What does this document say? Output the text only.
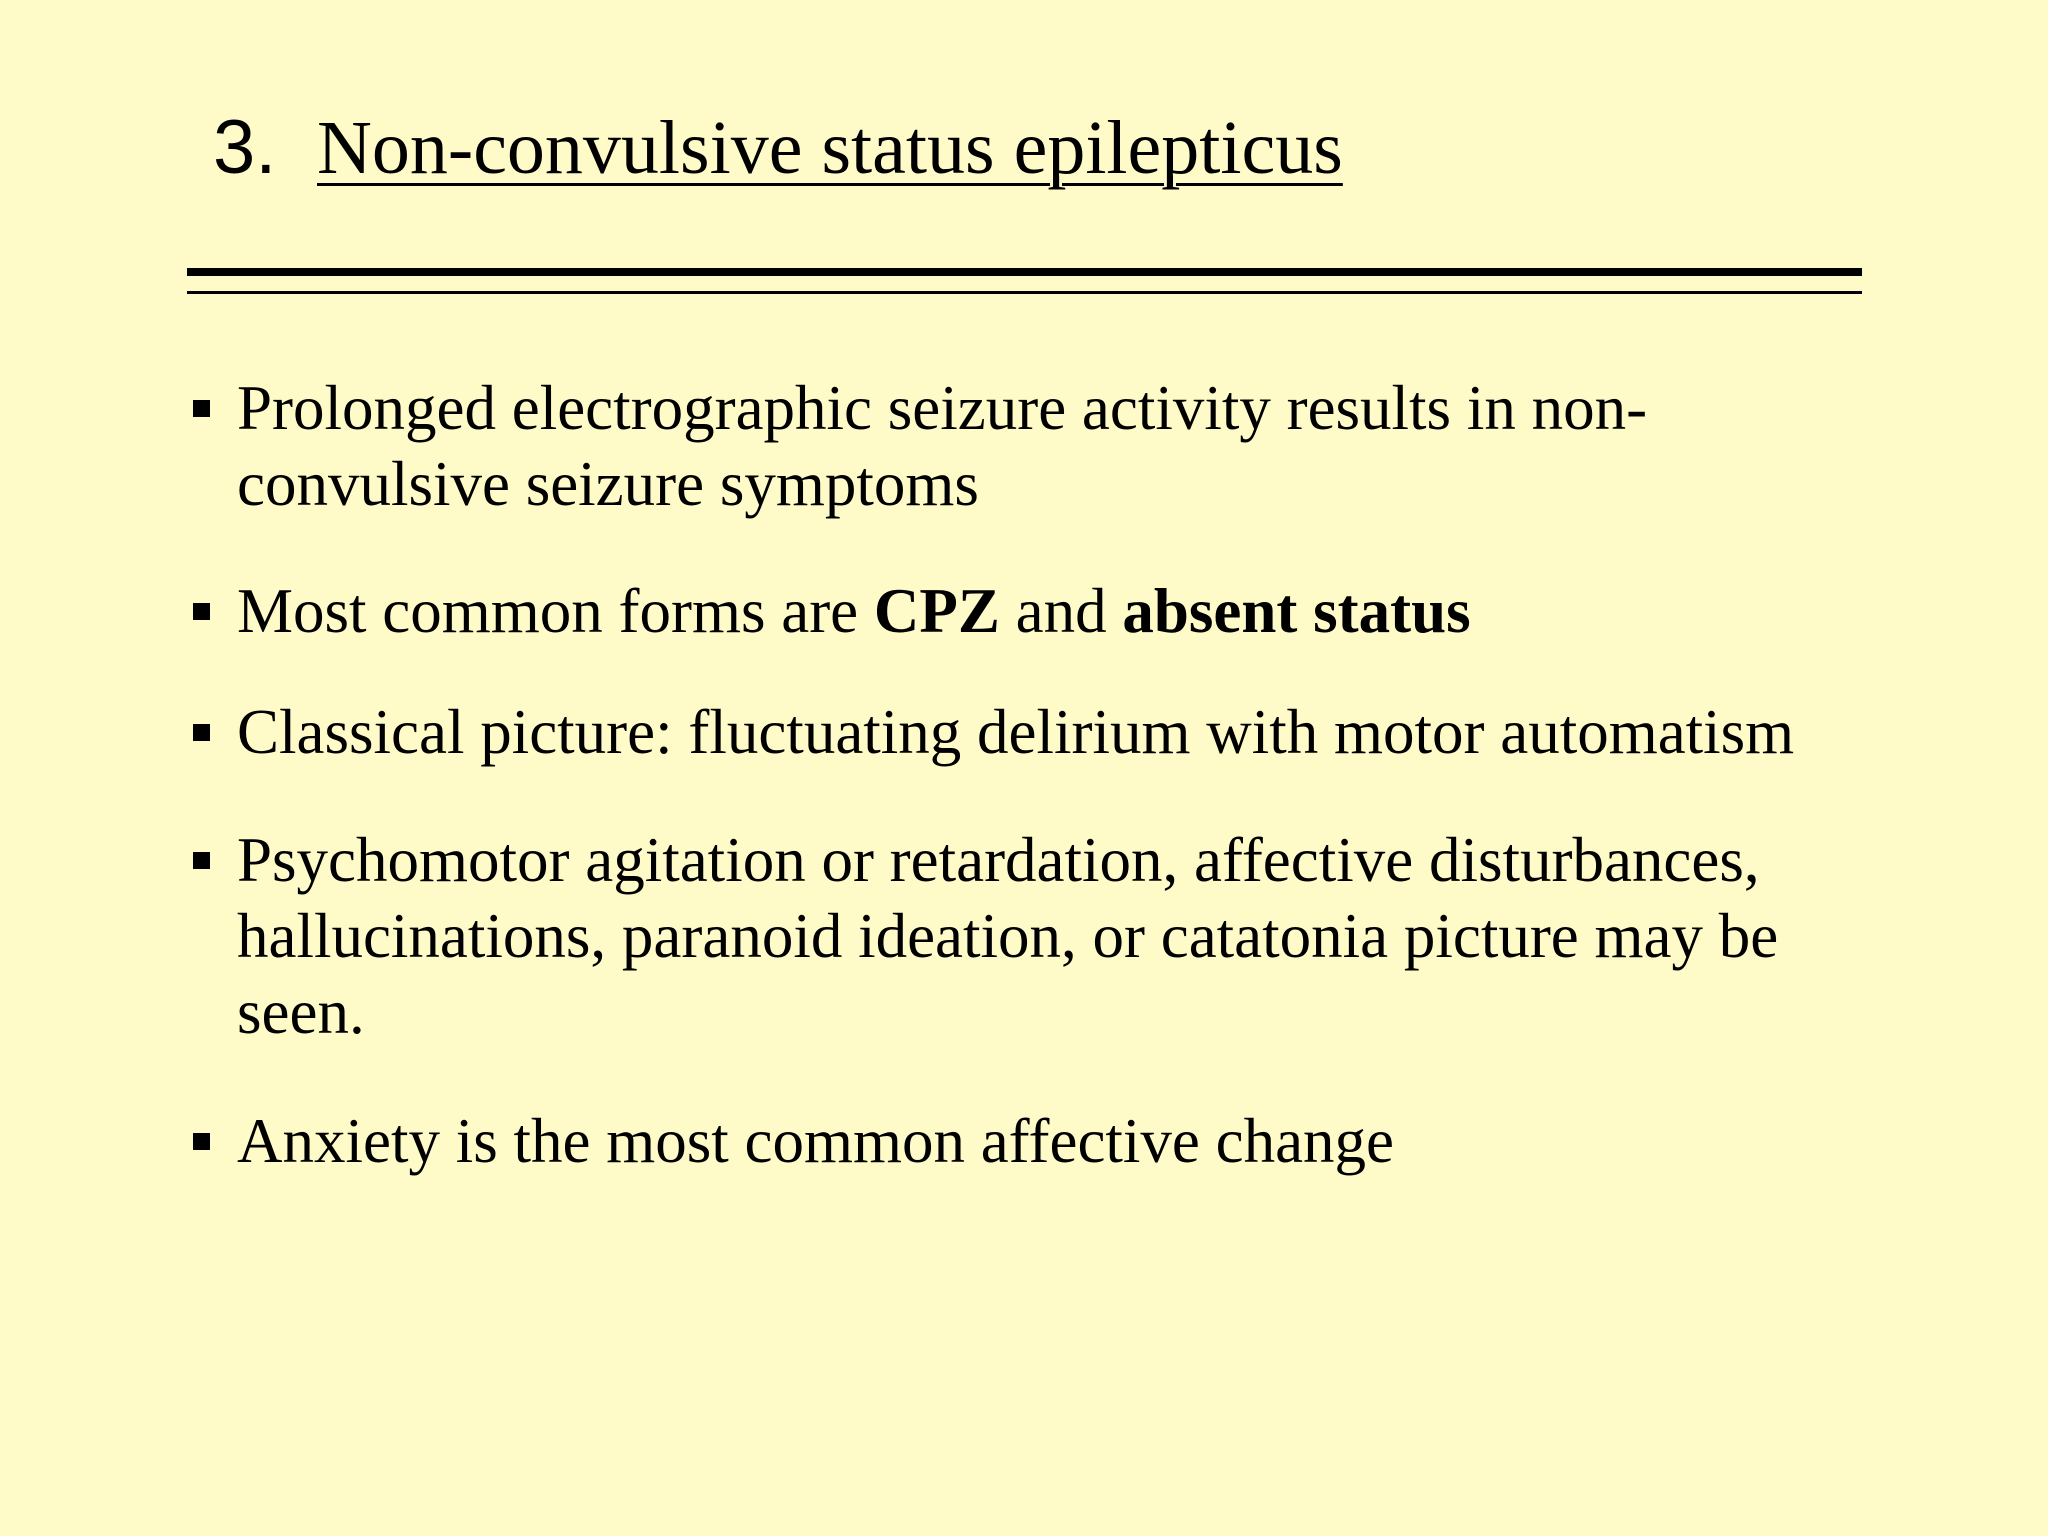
3. Non-convulsive status epilepticus
Prolonged electrographic seizure activity results in non-convulsive seizure symptoms
Most common forms are CPZ and absent status
Classical picture: fluctuating delirium with motor automatism
Psychomotor agitation or retardation, affective disturbances, hallucinations, paranoid ideation, or catatonia picture may be seen.
Anxiety is the most common affective change
